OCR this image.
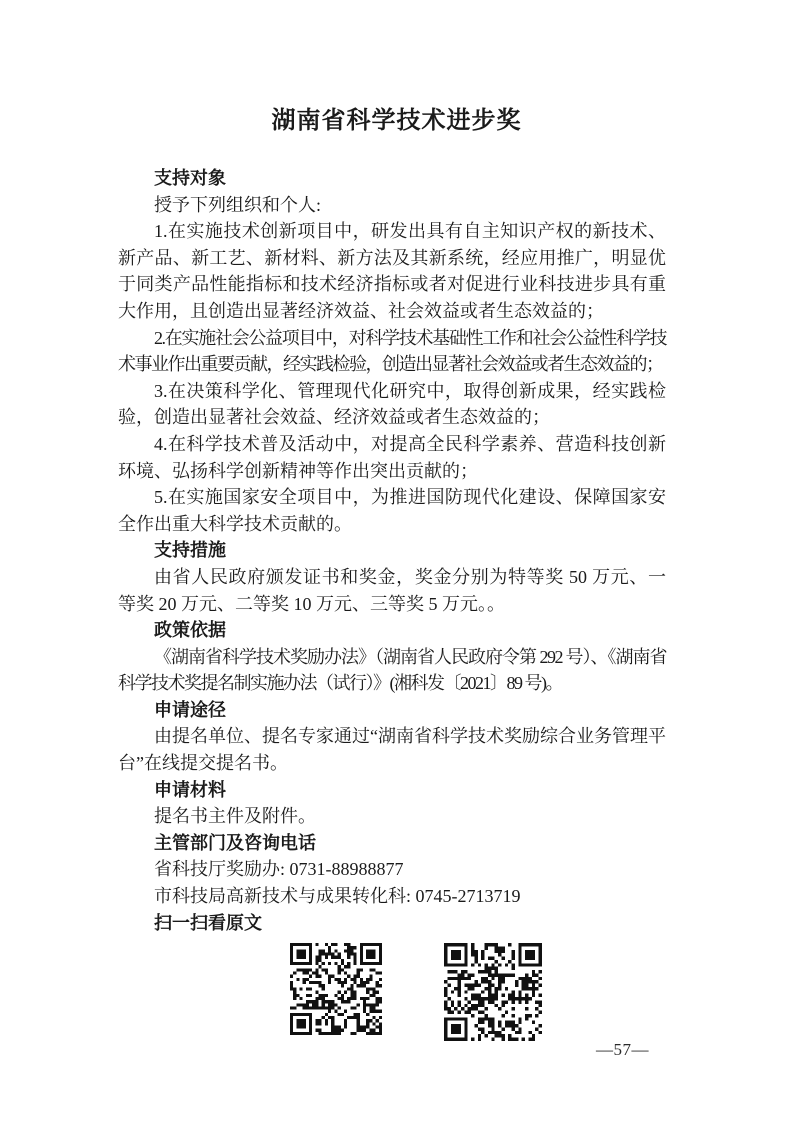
湖南省科学技术进步奖
支持对象

授予下列组织和个人:

1.在实施技术创新项目中，研发出具有自主知识产权的新技术、新产品、新工艺、新材料、新方法及其新系统，经应用推广，明显优于同类产品性能指标和技术经济指标或者对促进行业科技进步具有重大作用，且创造出显著经济效益、社会效益或者生态效益的；

2.在实施社会公益项目中，对科学技术基础性工作和社会公益性科学技术事业作出重要贡献，经实践检验，创造出显著社会效益或者生态效益的；

3.在决策科学化、管理现代化研究中，取得创新成果，经实践检验，创造出显著社会效益、经济效益或者生态效益的；

4.在科学技术普及活动中，对提高全民科学素养、营造科技创新环境、弘扬科学创新精神等作出突出贡献的；

5.在实施国家安全项目中，为推进国防现代化建设、保障国家安全作出重大科学技术贡献的。

支持措施

由省人民政府颁发证书和奖金，奖金分别为特等奖 50 万元、一等奖 20 万元、二等奖 10 万元、三等奖 5 万元。。

政策依据

《湖南省科学技术奖励办法》（湖南省人民政府令第 292 号）、《湖南省科学技术奖提名制实施办法（试行）》(湘科发〔2021〕89 号)。

申请途径

由提名单位、提名专家通过“湖南省科学技术奖励综合业务管理平台”在线提交提名书。

申请材料

提名书主件及附件。

主管部门及咨询电话

省科技厅奖励办: 0731-88988877

市科技局高新技术与成果转化科: 0745-2713719

扫一扫看原文
—57—
